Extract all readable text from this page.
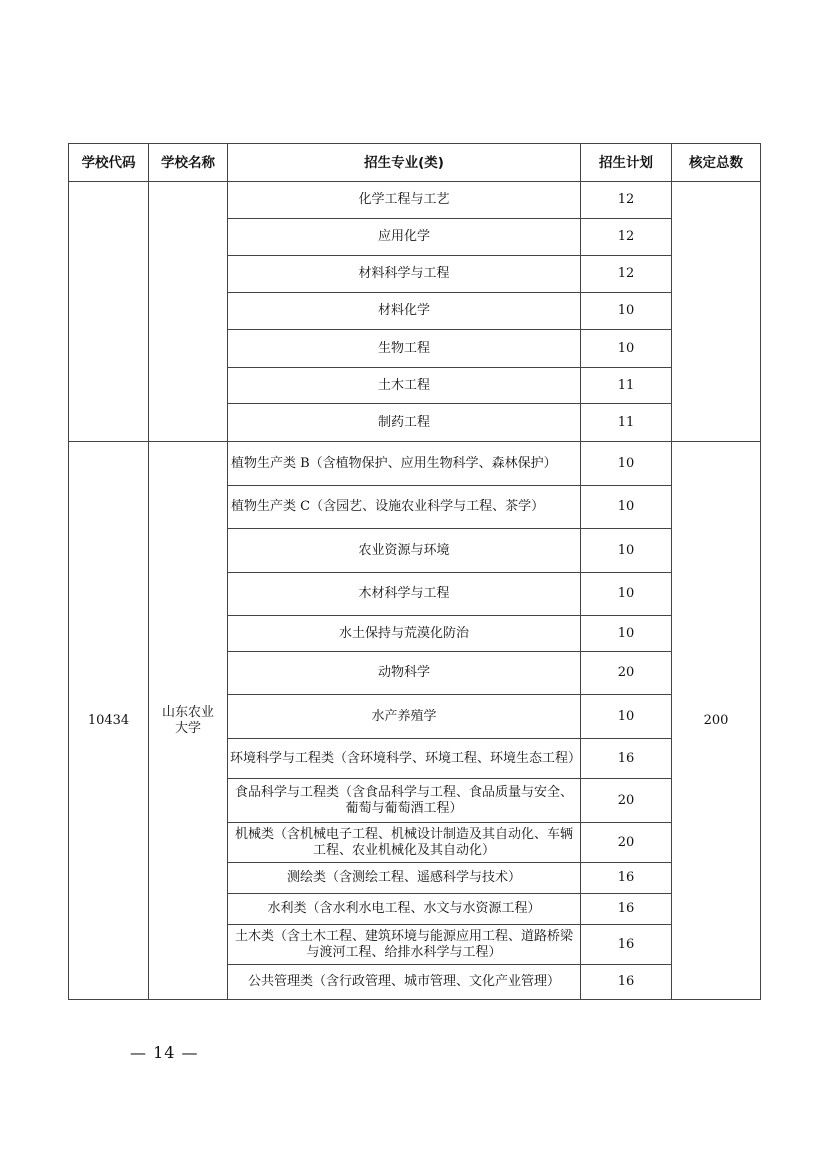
学校代码	学校名称	招生专业(类)	招生计划	核定总数
		化学工程与工艺	12	
		应用化学	12	
		材料科学与工程	12	
		材料化学	10	
		生物工程	10	
		土木工程	11	
		制药工程	11	
10434	山东农业大学	植物生产类 B（含植物保护、应用生物科学、森林保护）	10	200
		植物生产类 C（含园艺、设施农业科学与工程、茶学）	10	
		农业资源与环境	10	
		木材科学与工程	10	
		水土保持与荒漠化防治	10	
		动物科学	20	
		水产养殖学	10	
		环境科学与工程类（含环境科学、环境工程、环境生态工程）	16	
		食品科学与工程类（含食品科学与工程、食品质量与安全、葡萄与葡萄酒工程）	20	
		机械类（含机械电子工程、机械设计制造及其自动化、车辆工程、农业机械化及其自动化）	20	
		测绘类（含测绘工程、遥感科学与技术）	16	
		水利类（含水利水电工程、水文与水资源工程）	16	
		土木类（含土木工程、建筑环境与能源应用工程、道路桥梁与渡河工程、给排水科学与工程）	16	
		公共管理类（含行政管理、城市管理、文化产业管理）	16	
— 14 —
